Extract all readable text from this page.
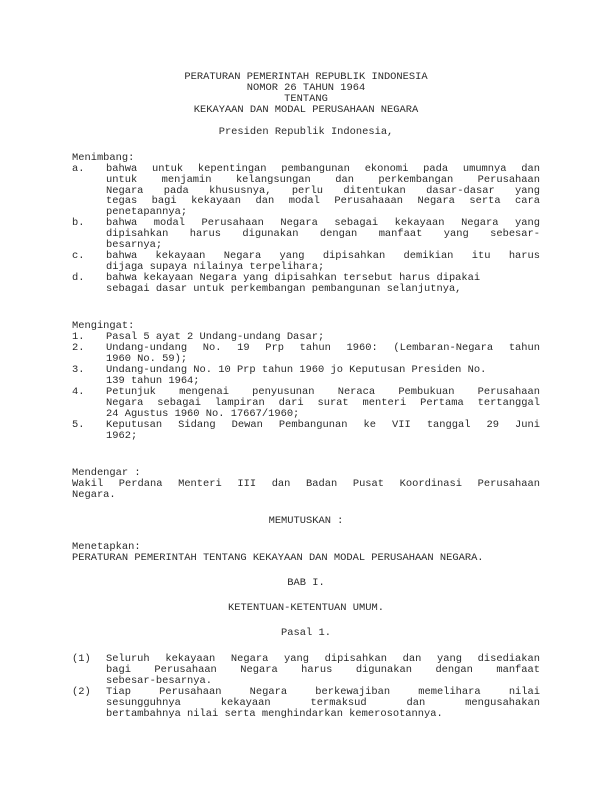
PERATURAN PEMERINTAH REPUBLIK INDONESIA
NOMOR 26 TAHUN 1964
TENTANG
KEKAYAAN DAN MODAL PERUSAHAAN NEGARA
Presiden Republik Indonesia,
Menimbang:
a. bahwa untuk kepentingan pembangunan ekonomi pada umumnya dan
untuk menjamin kelangsungan dan perkembangan Perusahaan
Negara pada khususnya, perlu ditentukan dasar-dasar yang
tegas bagi kekayaan dan modal Perusahaaan Negara serta cara
penetapannya;
b. bahwa modal Perusahaan Negara sebagai kekayaan Negara yang
dipisahkan harus digunakan dengan manfaat yang sebesar-
besarnya;
c. bahwa kekayaan Negara yang dipisahkan demikian itu harus
dijaga supaya nilainya terpelihara;
d. bahwa kekayaan Negara yang dipisahkan tersebut harus dipakai
sebagai dasar untuk perkembangan pembangunan selanjutnya,
Mengingat:
1. Pasal 5 ayat 2 Undang-undang Dasar;
2. Undang-undang No. 19 Prp tahun 1960: (Lembaran-Negara tahun
1960 No. 59);
3. Undang-undang No. 10 Prp tahun 1960 jo Keputusan Presiden No.
139 tahun 1964;
4. Petunjuk mengenai penyusunan Neraca Pembukuan Perusahaan
Negara sebagai lampiran dari surat menteri Pertama tertanggal
24 Agustus 1960 No. 17667/1960;
5. Keputusan Sidang Dewan Pembangunan ke VII tanggal 29 Juni
1962;
Mendengar :
Wakil Perdana Menteri III dan Badan Pusat Koordinasi Perusahaan
Negara.
MEMUTUSKAN :
Menetapkan:
PERATURAN PEMERINTAH TENTANG KEKAYAAN DAN MODAL PERUSAHAAN NEGARA.
BAB I.
KETENTUAN-KETENTUAN UMUM.
Pasal 1.
(1) Seluruh kekayaan Negara yang dipisahkan dan yang disediakan
bagi Perusahaan Negara harus digunakan dengan manfaat
sebesar-besarnya.
(2) Tiap Perusahaan Negara berkewajiban memelihara nilai
sesungguhnya kekayaan termaksud dan mengusahakan
bertambahnya nilai serta menghindarkan kemerosotannya.
